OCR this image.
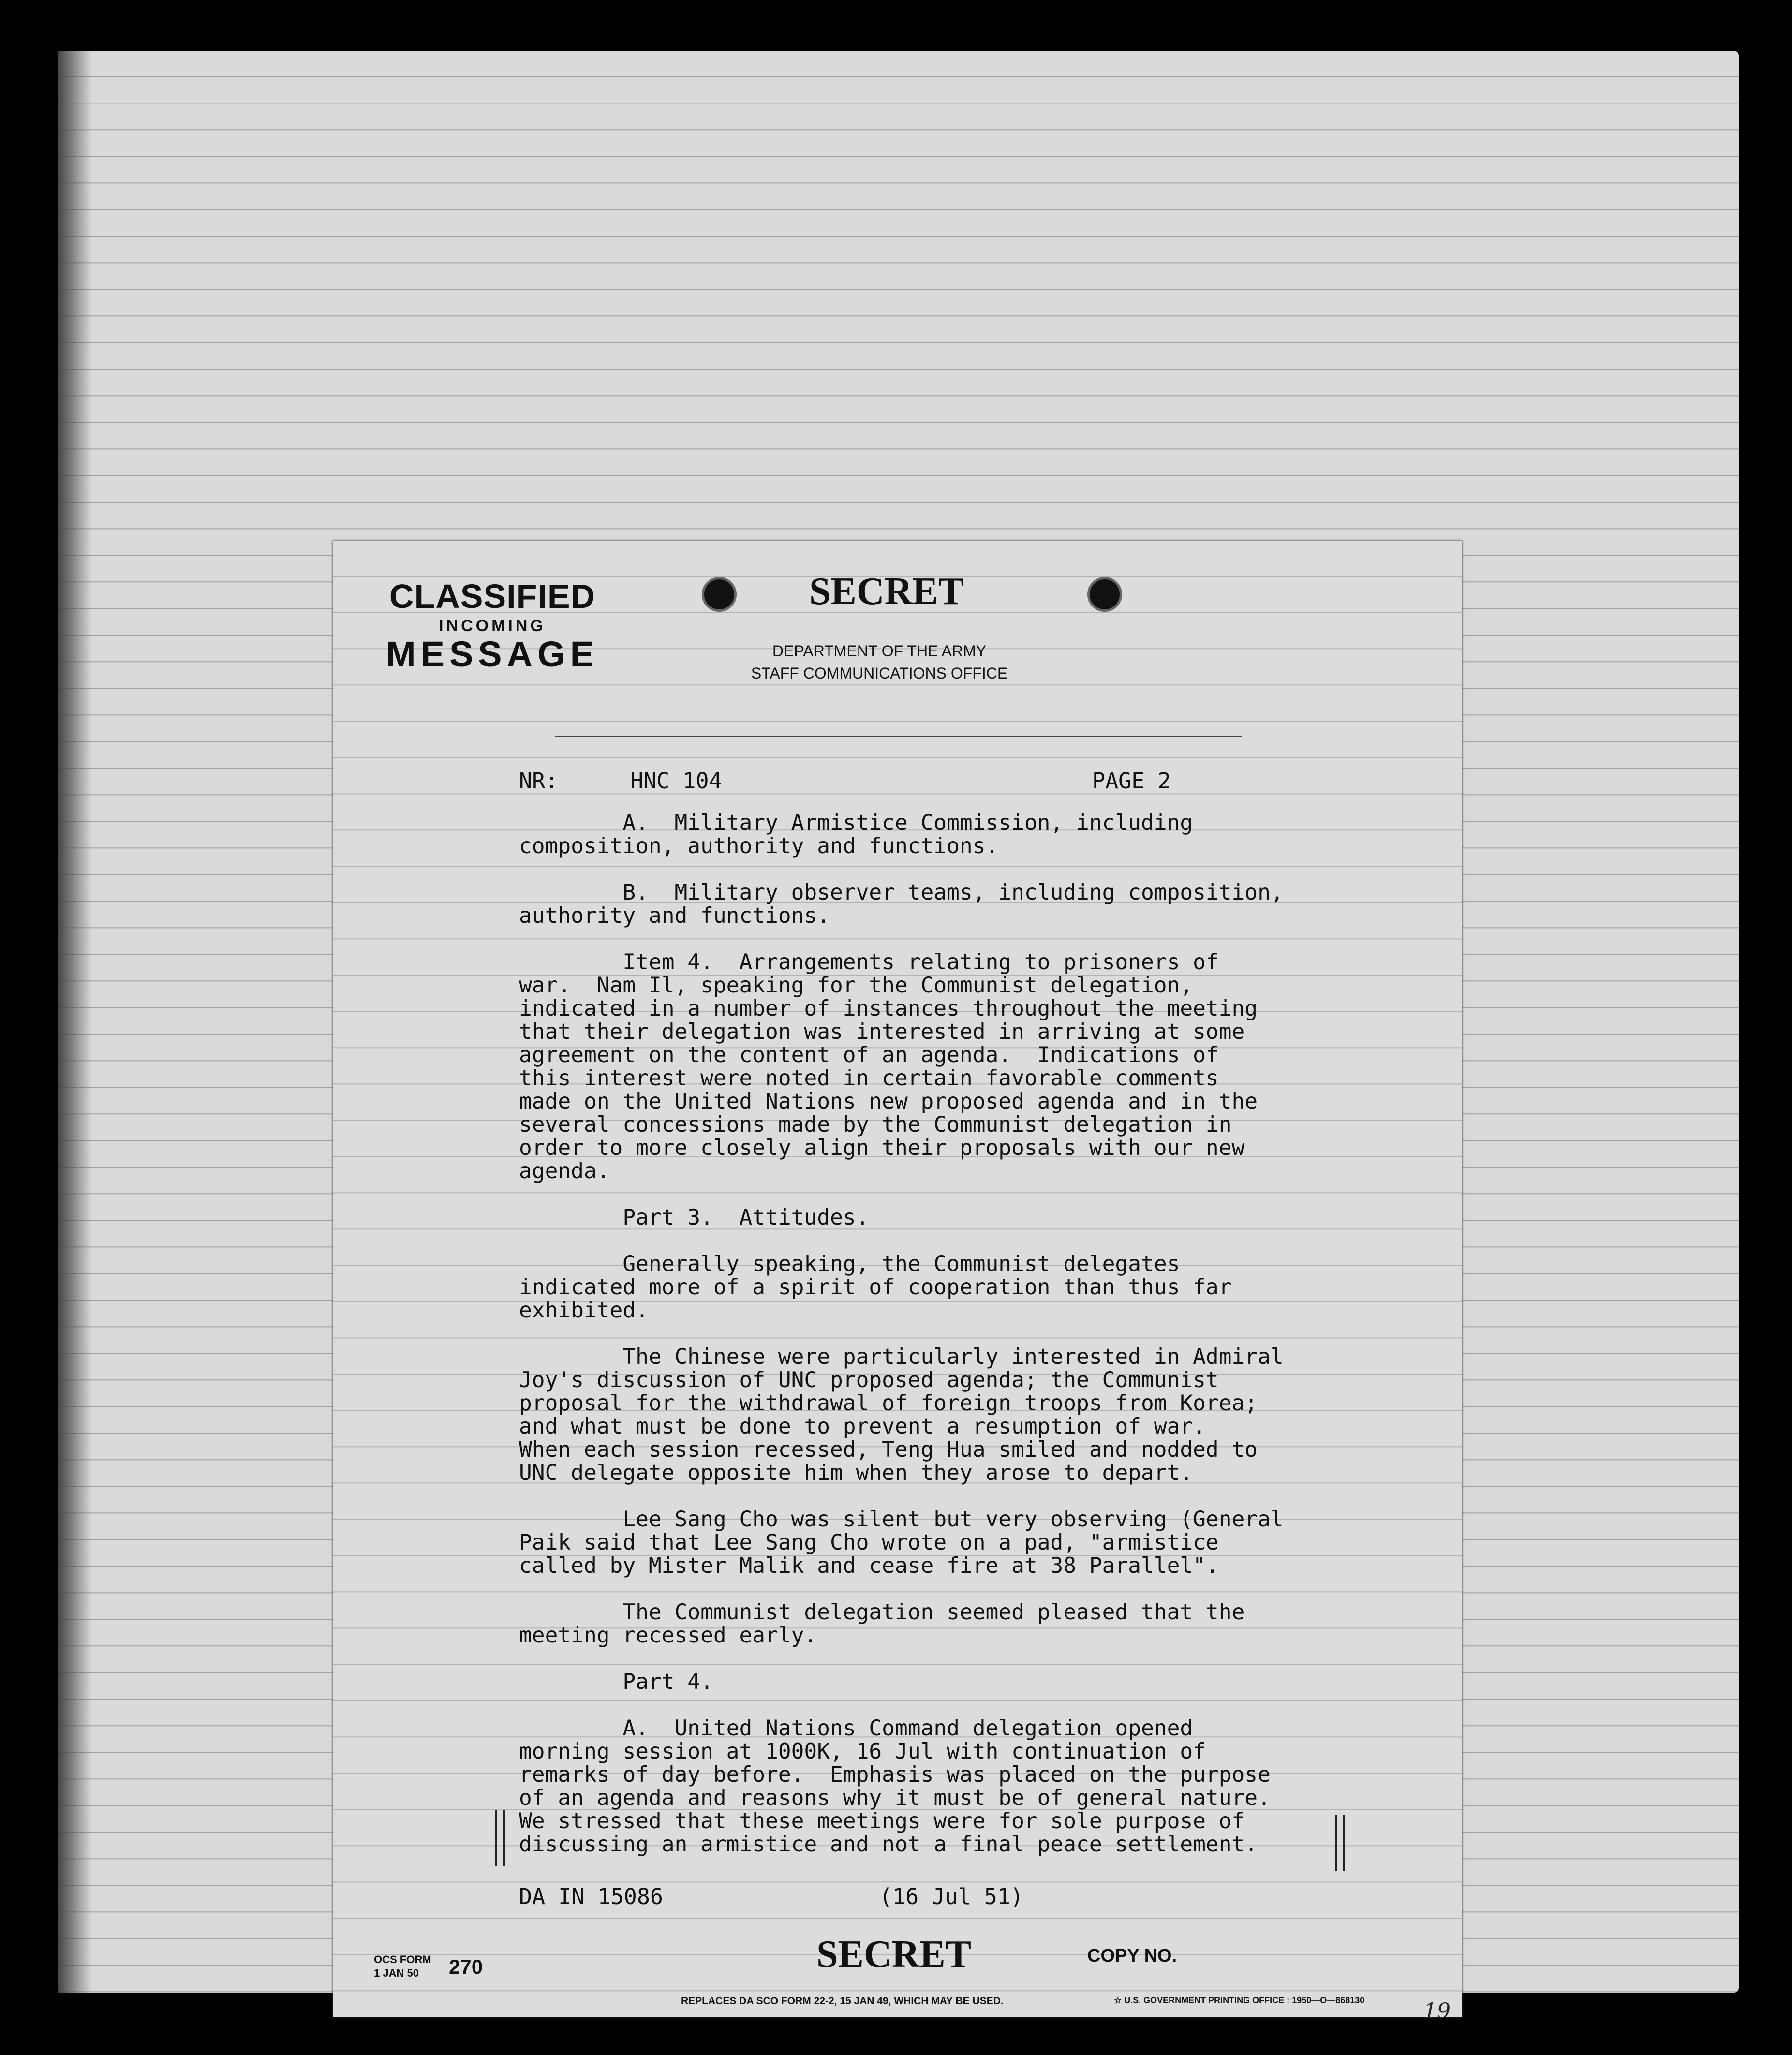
CLASSIFIED
INCOMING
MESSAGE
SECRET
DEPARTMENT OF THE ARMY
STAFF COMMUNICATIONS OFFICE
NR:	HNC 104	PAGE 2

A.  Military Armistice Commission, including
composition, authority and functions.

B.  Military observer teams, including composition,
authority and functions.

Item 4.  Arrangements relating to prisoners of
war.  Nam Il, speaking for the Communist delegation,
indicated in a number of instances throughout the meeting
that their delegation was interested in arriving at some
agreement on the content of an agenda.  Indications of
this interest were noted in certain favorable comments
made on the United Nations new proposed agenda and in the
several concessions made by the Communist delegation in
order to more closely align their proposals with our new
agenda.

Part 3.  Attitudes.

Generally speaking, the Communist delegates
indicated more of a spirit of cooperation than thus far
exhibited.

The Chinese were particularly interested in Admiral
Joy's discussion of UNC proposed agenda; the Communist
proposal for the withdrawal of foreign troops from Korea;
and what must be done to prevent a resumption of war.
When each session recessed, Teng Hua smiled and nodded to
UNC delegate opposite him when they arose to depart.

Lee Sang Cho was silent but very observing (General
Paik said that Lee Sang Cho wrote on a pad, "armistice
called by Mister Malik and cease fire at 38 Parallel".

The Communist delegation seemed pleased that the
meeting recessed early.

Part 4.

A.  United Nations Command delegation opened
morning session at 1000K, 16 Jul with continuation of
remarks of day before.  Emphasis was placed on the purpose
of an agenda and reasons why it must be of general nature.
We stressed that these meetings were for sole purpose of
discussing an armistice and not a final peace settlement.

DA IN 15086	(16 Jul 51)
OCS FORM
1 JAN 50	270	SECRET	COPY NO.
REPLACES DA SCO FORM 22-2, 15 JAN 49, WHICH MAY BE USED.	☆ U.S. GOVERNMENT PRINTING OFFICE : 1950—O—868130	19
